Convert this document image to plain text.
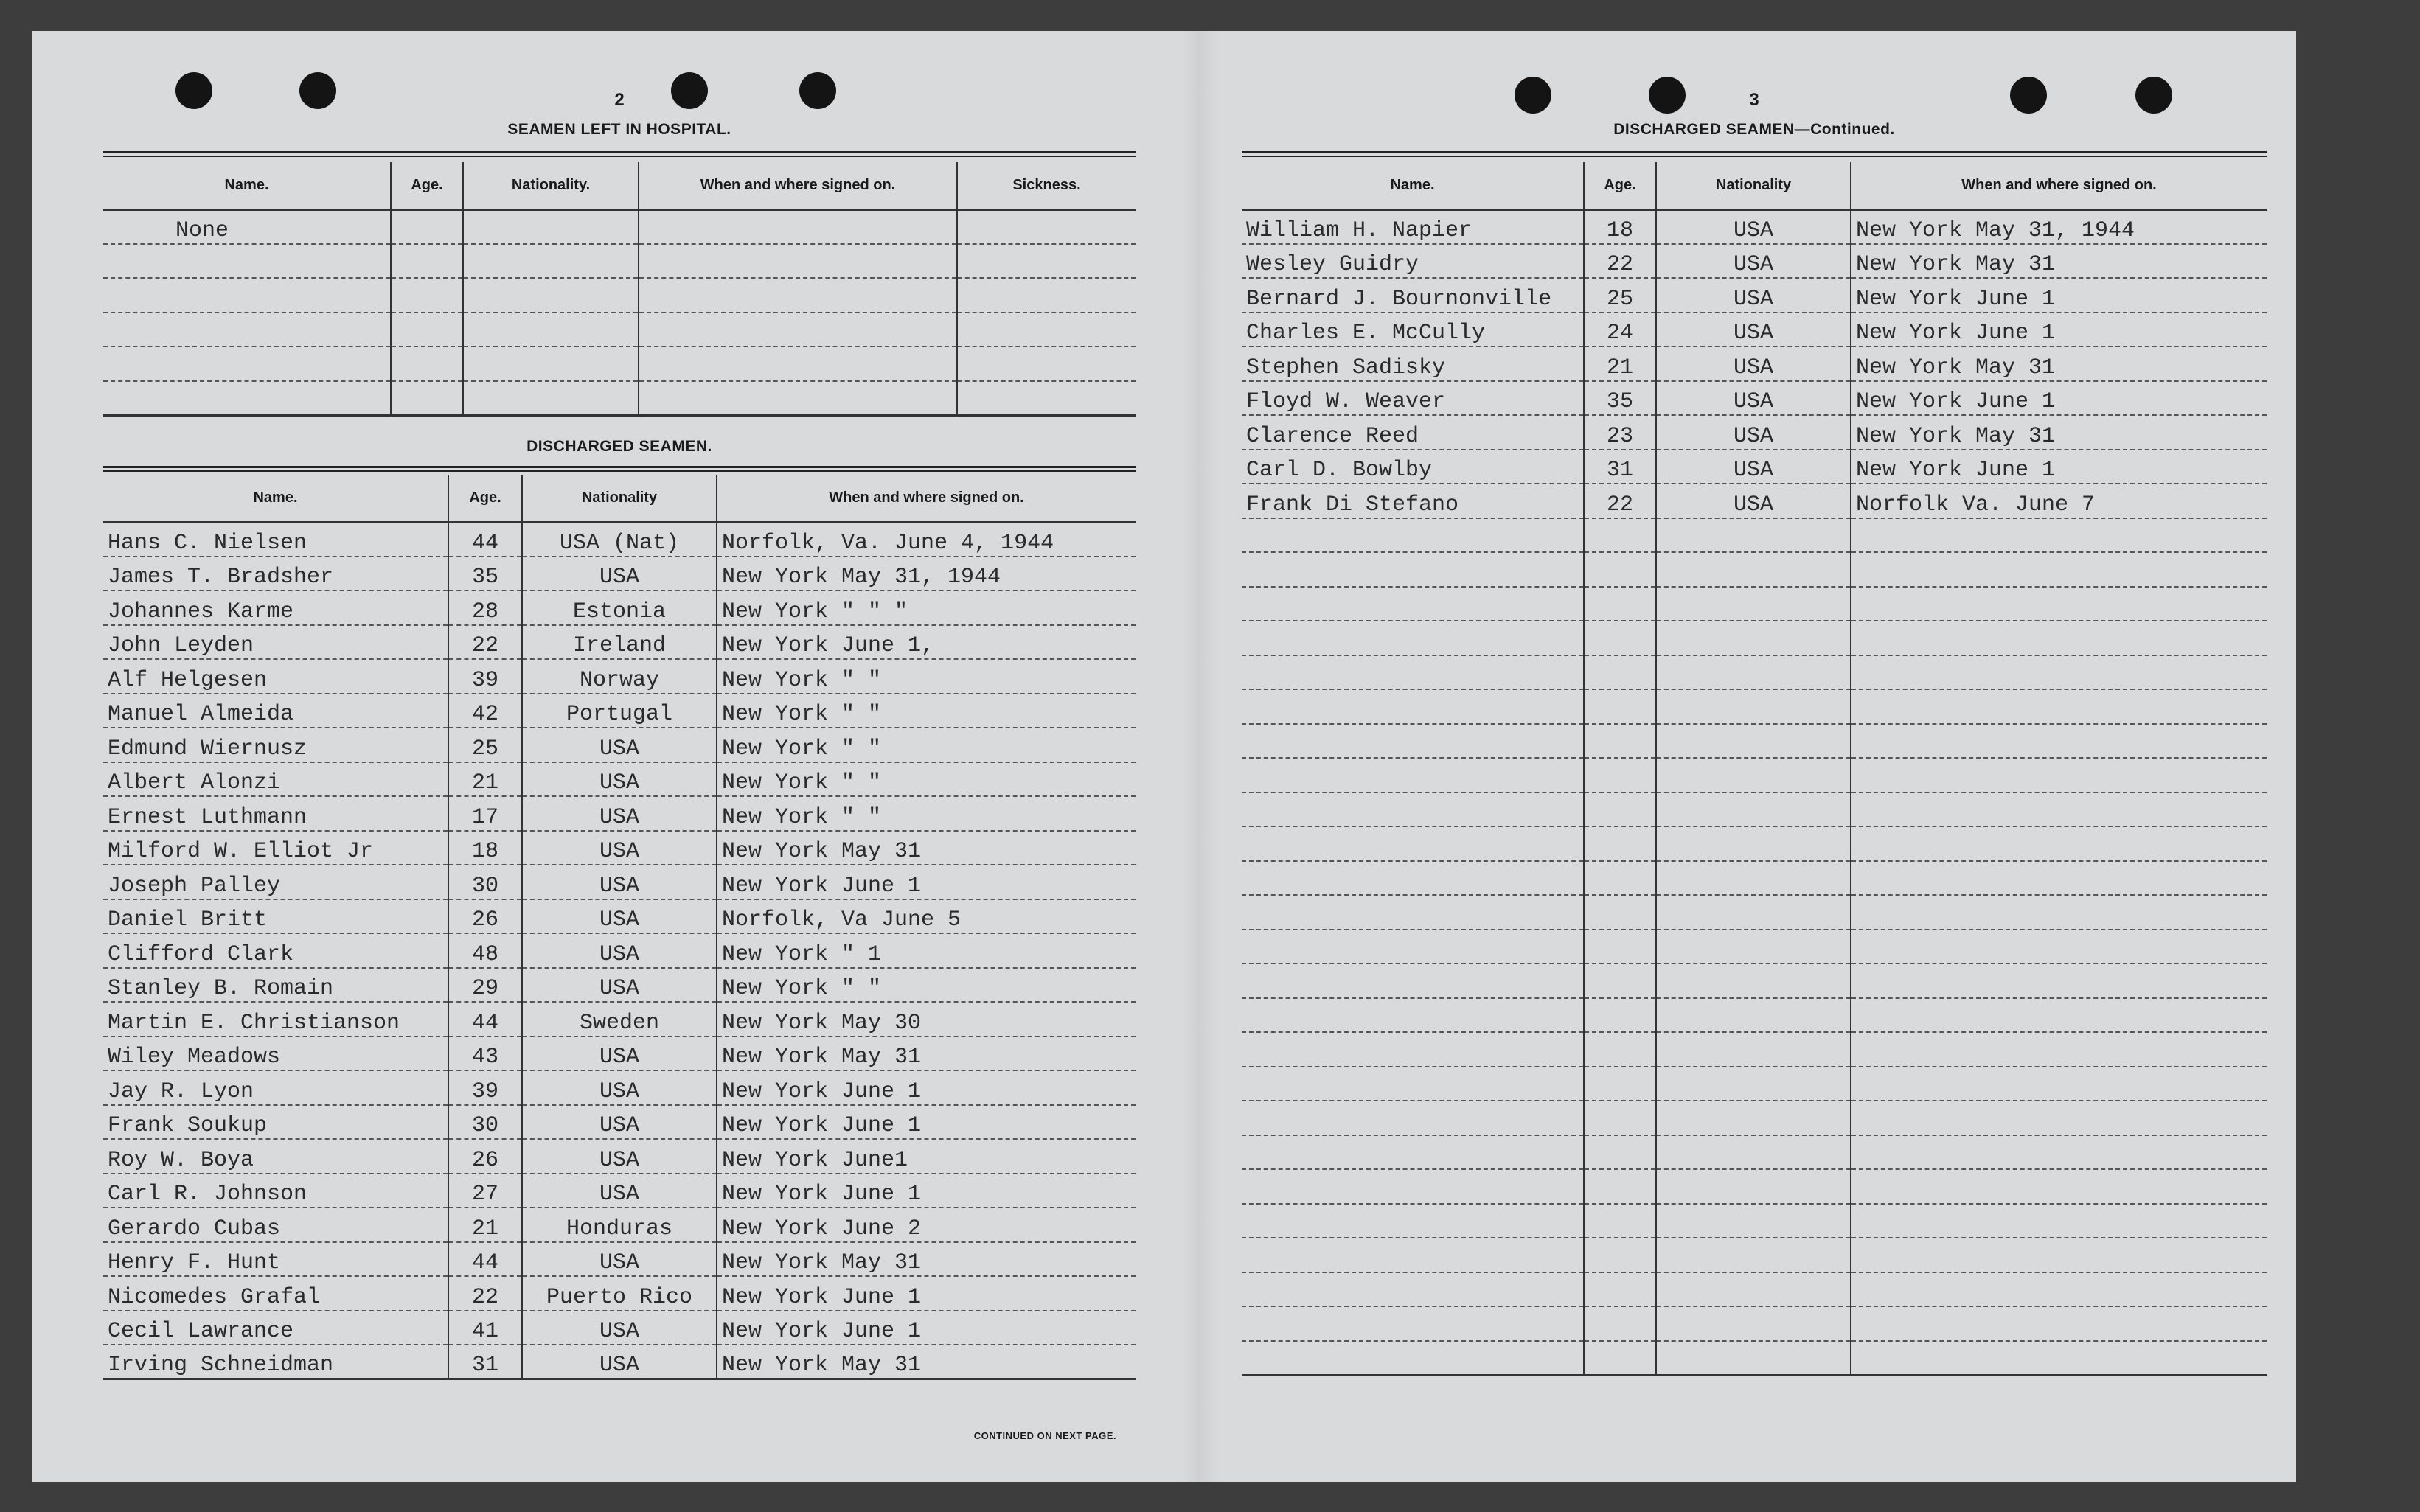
2
SEAMEN LEFT IN HOSPITAL.
Name.	Age.	Nationality.	When and where signed on.	Sickness.
None				

DISCHARGED SEAMEN.
Name.	Age.	Nationality	When and where signed on.
Hans C. Nielsen	44	USA (Nat)	Norfolk, Va. June 4, 1944
James T. Bradsher	35	USA	New York May 31, 1944
Johannes Karme	28	Estonia	New York " " "
John Leyden	22	Ireland	New York June 1,
Alf Helgesen	39	Norway	New York " "
Manuel Almeida	42	Portugal	New York " "
Edmund Wiernusz	25	USA	New York " "
Albert Alonzi	21	USA	New York " "
Ernest Luthmann	17	USA	New York " "
Milford W. Elliot Jr	18	USA	New York May 31
Joseph Palley	30	USA	New York June 1
Daniel Britt	26	USA	Norfolk, Va June 5
Clifford Clark	48	USA	New York " 1
Stanley B. Romain	29	USA	New York " "
Martin E. Christianson	44	Sweden	New York May 30
Wiley Meadows	43	USA	New York May 31
Jay R. Lyon	39	USA	New York June 1
Frank Soukup	30	USA	New York June 1
Roy W. Boya	26	USA	New York June1
Carl R. Johnson	27	USA	New York June 1
Gerardo Cubas	21	Honduras	New York June 2
Henry F. Hunt	44	USA	New York May 31
Nicomedes Grafal	22	Puerto Rico	New York June 1
Cecil Lawrance	41	USA	New York June 1
Irving Schneidman	31	USA	New York May 31
CONTINUED ON NEXT PAGE.
3
DISCHARGED SEAMEN—Continued.
Name.	Age.	Nationality	When and where signed on.
William H. Napier	18	USA	New York May 31, 1944
Wesley Guidry	22	USA	New York May 31
Bernard J. Bournonville	25	USA	New York June 1
Charles E. McCully	24	USA	New York June 1
Stephen Sadisky	21	USA	New York May 31
Floyd W. Weaver	35	USA	New York June 1
Clarence Reed	23	USA	New York May 31
Carl D. Bowlby	31	USA	New York June 1
Frank Di Stefano	22	USA	Norfolk Va. June 7
